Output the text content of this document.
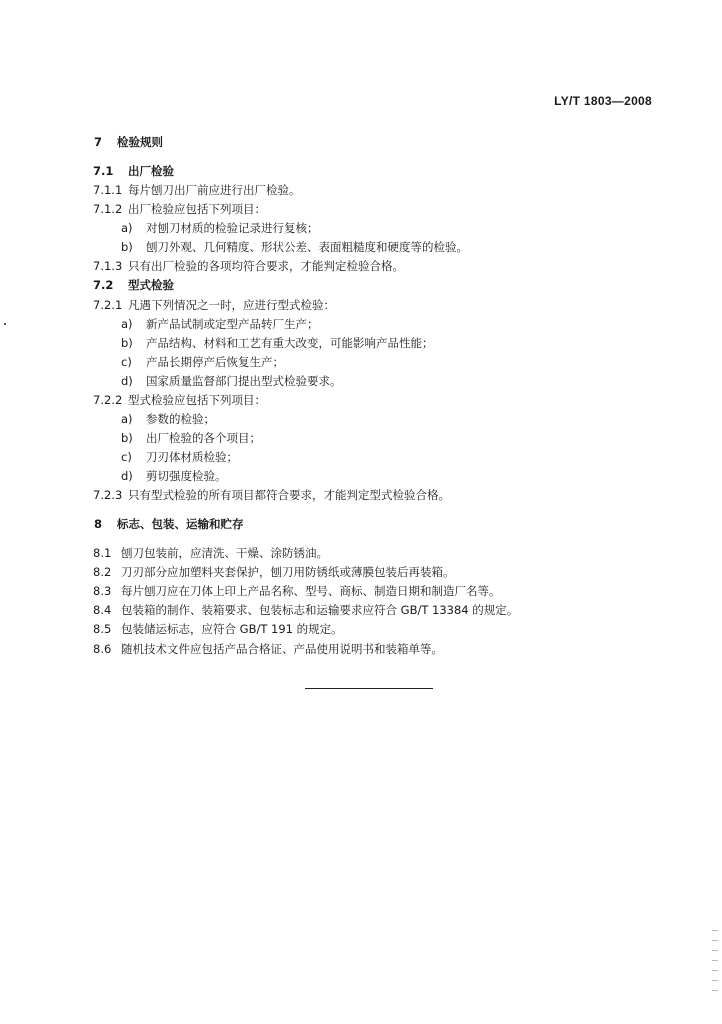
LY/T 1803—2008
7 检验规则
7.1 出厂检验
7.1.1 每片刨刀出厂前应进行出厂检验。
7.1.2 出厂检验应包括下列项目：
a) 对刨刀材质的检验记录进行复核；
b) 刨刀外观、几何精度、形状公差、表面粗糙度和硬度等的检验。
7.1.3 只有出厂检验的各项均符合要求，才能判定检验合格。
7.2 型式检验
7.2.1 凡遇下列情况之一时，应进行型式检验：
a) 新产品试制或定型产品转厂生产；
b) 产品结构、材料和工艺有重大改变，可能影响产品性能；
c) 产品长期停产后恢复生产；
d) 国家质量监督部门提出型式检验要求。
7.2.2 型式检验应包括下列项目：
a) 参数的检验；
b) 出厂检验的各个项目；
c) 刀刃体材质检验；
d) 剪切强度检验。
7.2.3 只有型式检验的所有项目都符合要求，才能判定型式检验合格。
8 标志、包装、运输和贮存
8.1 刨刀包装前，应清洗、干燥、涂防锈油。
8.2 刀刃部分应加塑料夹套保护，刨刀用防锈纸或薄膜包装后再装箱。
8.3 每片刨刀应在刀体上印上产品名称、型号、商标、制造日期和制造厂名等。
8.4 包装箱的制作、装箱要求、包装标志和运输要求应符合 GB/T 13384 的规定。
8.5 包装储运标志，应符合 GB/T 191 的规定。
8.6 随机技术文件应包括产品合格证、产品使用说明书和装箱单等。
